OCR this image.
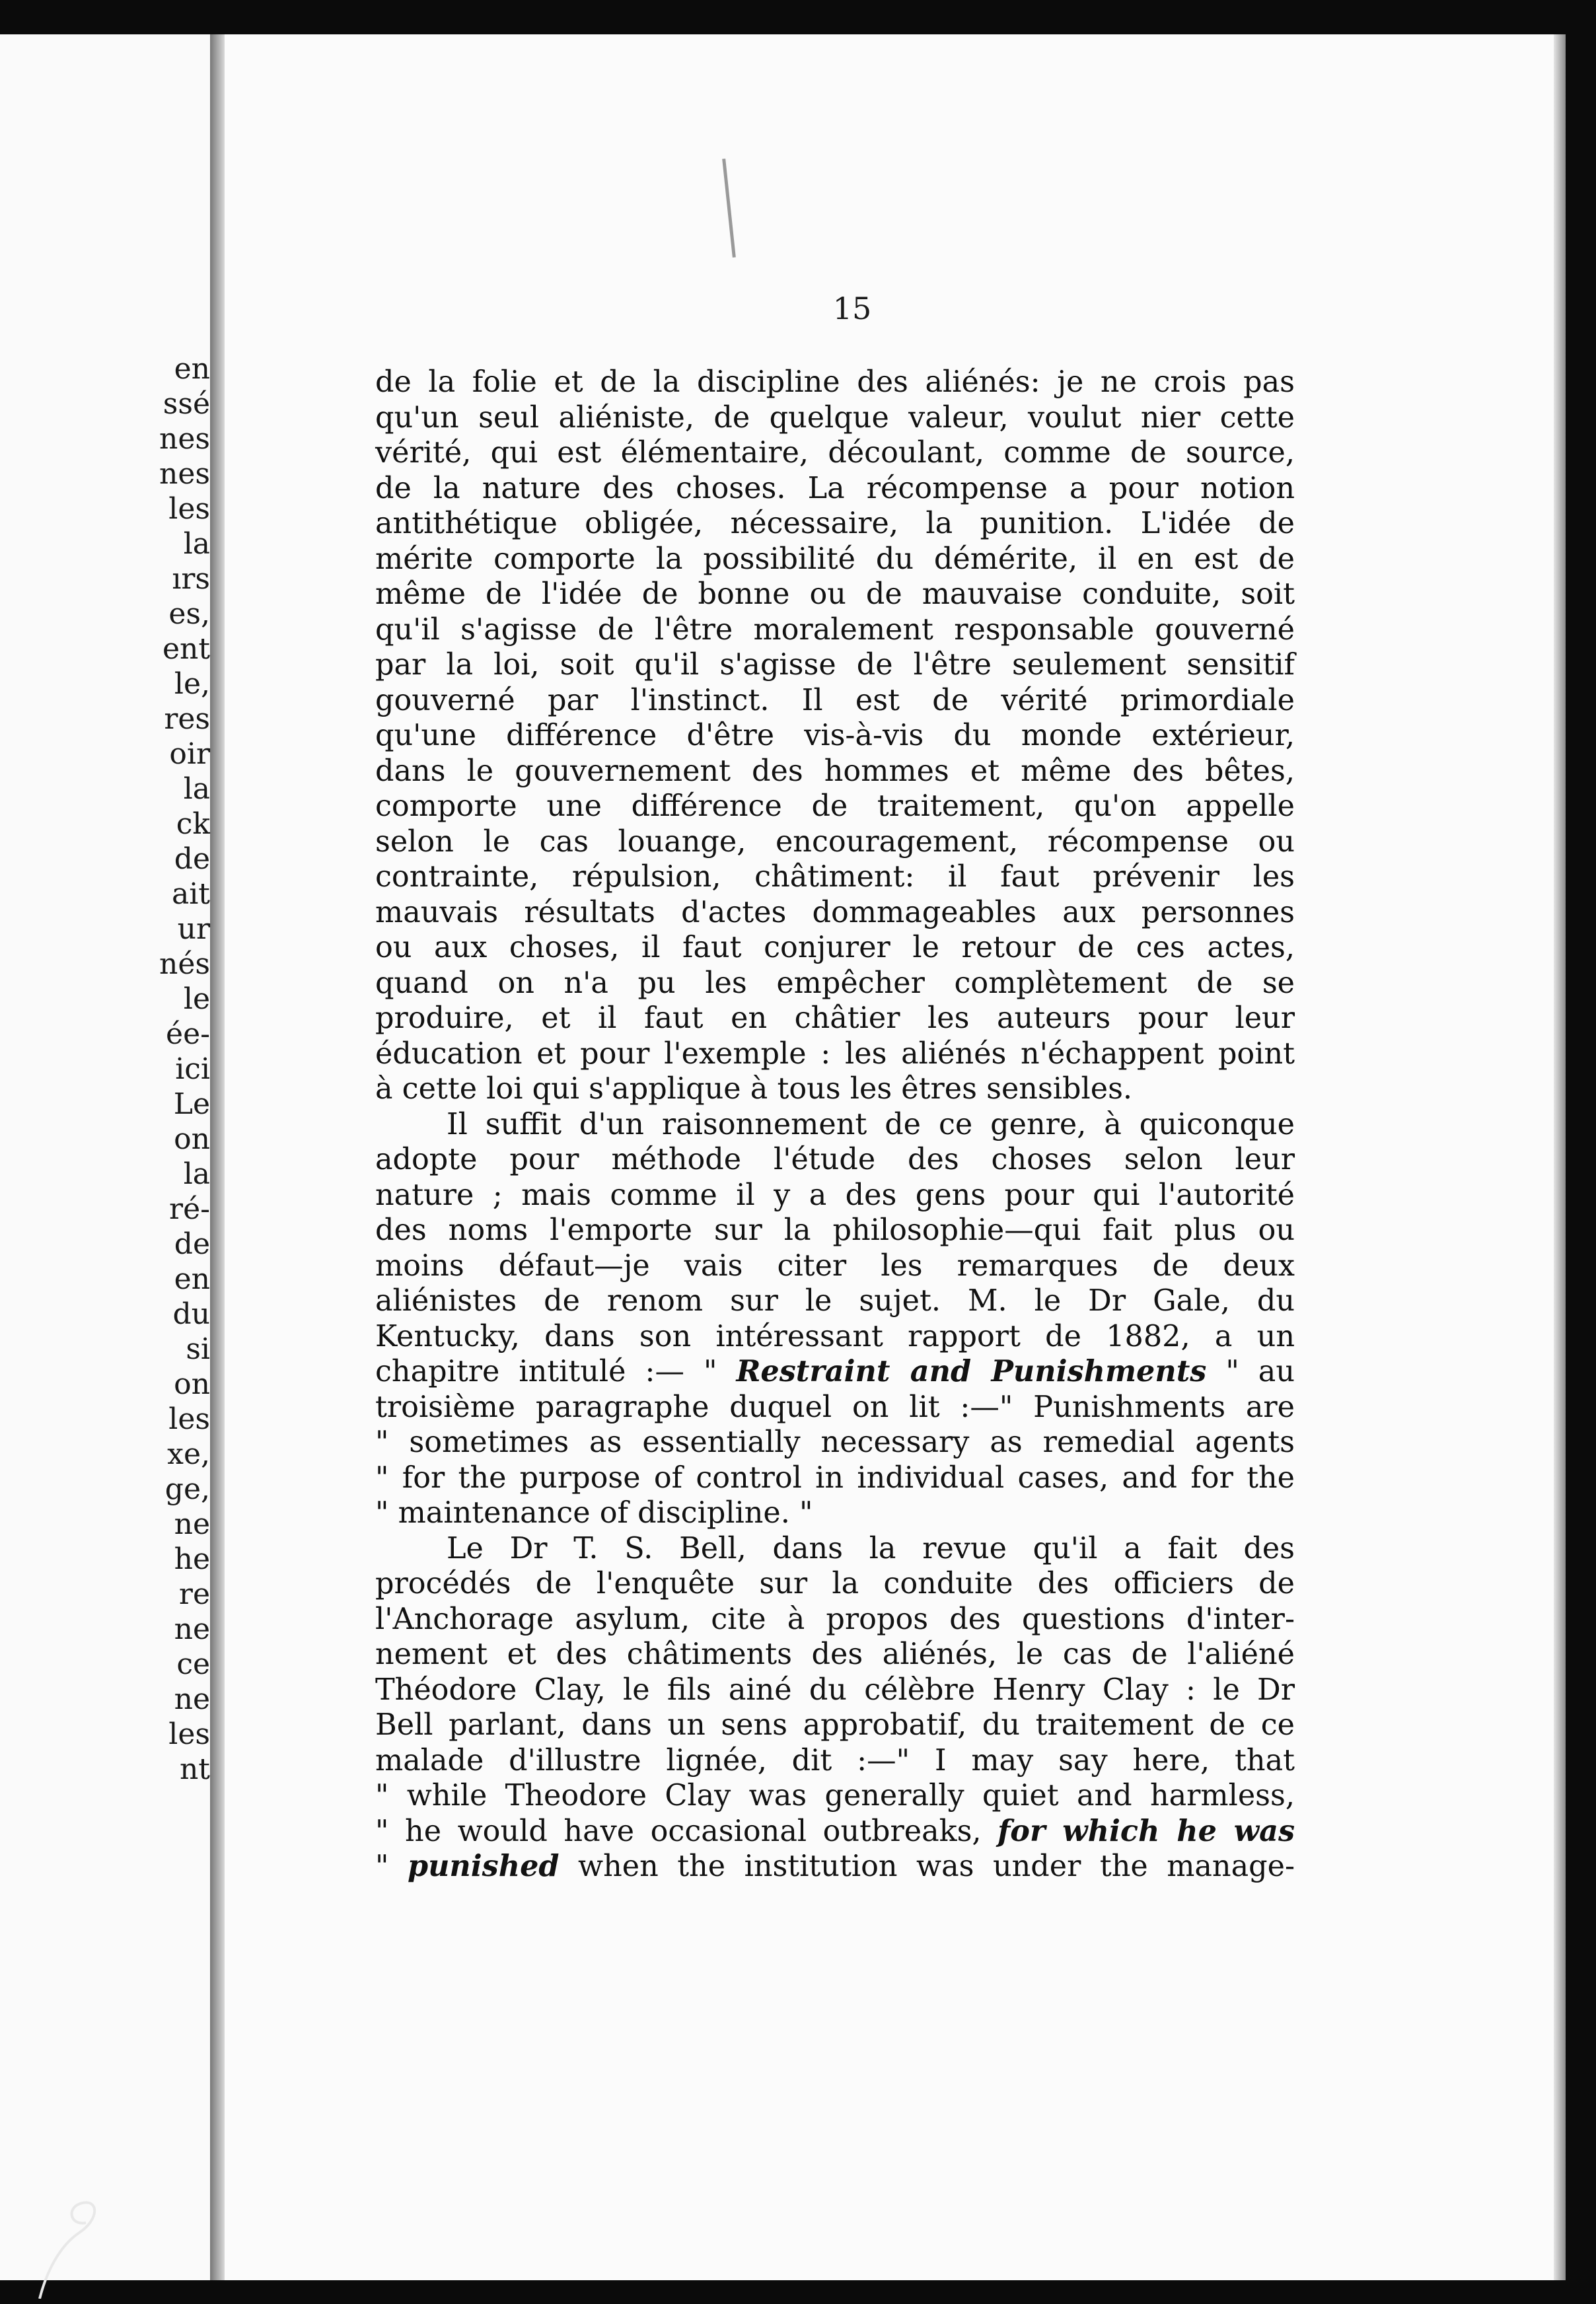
en
ssé
nes
nes
les
la
ırs
es,
ent
le,
res
oir
la
ck
de
ait
ur
nés
le
ée-
ici
Le
on
la
ré-
de
en
du
si
on
les
xe,
ge,
ne
he
re
ne
ce
ne
les
nt
15
de la folie et de la discipline des aliénés: je ne crois pas
qu'un seul aliéniste, de quelque valeur, voulut nier cette
vérité, qui est élémentaire, découlant, comme de source,
de la nature des choses. La récompense a pour notion
antithétique obligée, nécessaire, la punition. L'idée de
mérite comporte la possibilité du démérite, il en est de
même de l'idée de bonne ou de mauvaise conduite, soit
qu'il s'agisse de l'être moralement responsable gouverné
par la loi, soit qu'il s'agisse de l'être seulement sensitif
gouverné par l'instinct. Il est de vérité primordiale
qu'une différence d'être vis-à-vis du monde extérieur,
dans le gouvernement des hommes et même des bêtes,
comporte une différence de traitement, qu'on appelle
selon le cas louange, encouragement, récompense ou
contrainte, répulsion, châtiment: il faut prévenir les
mauvais résultats d'actes dommageables aux personnes
ou aux choses, il faut conjurer le retour de ces actes,
quand on n'a pu les empêcher complètement de se
produire, et il faut en châtier les auteurs pour leur
éducation et pour l'exemple : les aliénés n'échappent point
à cette loi qui s'applique à tous les êtres sensibles.
Il suffit d'un raisonnement de ce genre, à quiconque
adopte pour méthode l'étude des choses selon leur
nature ; mais comme il y a des gens pour qui l'autorité
des noms l'emporte sur la philosophie—qui fait plus ou
moins défaut—je vais citer les remarques de deux
aliénistes de renom sur le sujet. M. le Dr Gale, du
Kentucky, dans son intéressant rapport de 1882, a un
chapitre intitulé :— " Restraint and Punishments " au
troisième paragraphe duquel on lit :—" Punishments are
" sometimes as essentially necessary as remedial agents
" for the purpose of control in individual cases, and for the
" maintenance of discipline. "
Le Dr T. S. Bell, dans la revue qu'il a fait des
procédés de l'enquête sur la conduite des officiers de
l'Anchorage asylum, cite à propos des questions d'inter-
nement et des châtiments des aliénés, le cas de l'aliéné
Théodore Clay, le fils ainé du célèbre Henry Clay : le Dr
Bell parlant, dans un sens approbatif, du traitement de ce
malade d'illustre lignée, dit :—" I may say here, that
" while Theodore Clay was generally quiet and harmless,
" he would have occasional outbreaks, for which he was
" punished when the institution was under the manage-
